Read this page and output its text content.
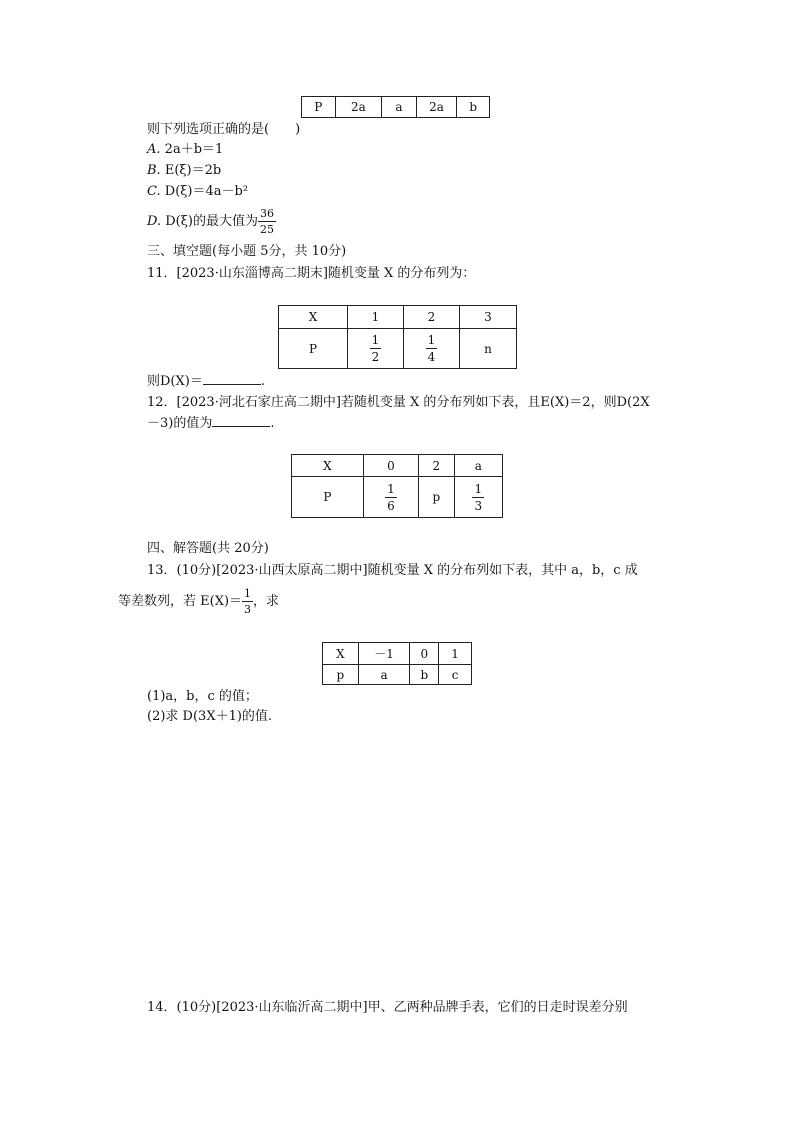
P	2a	a	2a	b
则下列选项正确的是( )
A. 2a＋b＝1
B. E(ξ)＝2b
C. D(ξ)＝4a－b²
D. D(ξ)的最大值为 $\frac{36}{25}$
三、填空题(每小题 5分，共 10分)
11．[2023·山东淄博高二期末]随机变量 X 的分布列为：
X	1	2	3
P	$\frac{1}{2}$	$\frac{1}{4}$	n
则D(X)＝	.
12．[2023·河北石家庄高二期中]若随机变量 X 的分布列如下表，且E(X)＝2，则D(2X
－3)的值为	.
X	0	2	a
P	$\frac{1}{6}$	p	$\frac{1}{3}$
四、解答题(共 20分)
13．(10分)[2023·山西太原高二期中]随机变量 X 的分布列如下表，其中 a，b，c 成
等差数列，若 $E(X)= \frac{1}{3}$ ，求
X	－1	0	1
p	a	b	c
(1)a，b，c 的值；
(2)求 D(3X＋1)的值.
14．(10分)[2023·山东临沂高二期中]甲、乙两种品牌手表，它们的日走时误差分别
